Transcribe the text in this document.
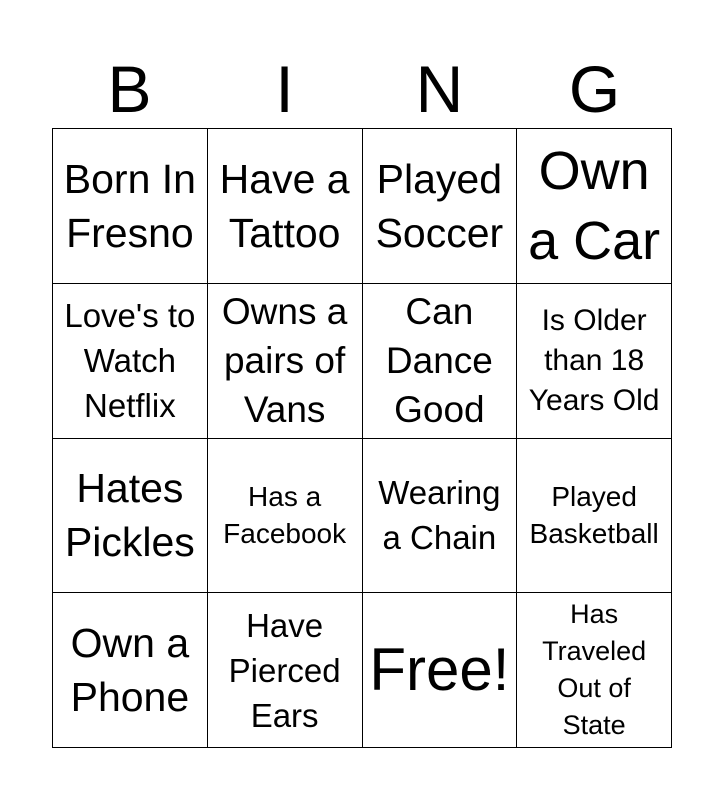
B	I	N	G
Born In
Fresno
Have a
Tattoo
Played
Soccer
Own
a Car
Love's to
Watch
Netflix
Owns a
pairs of
Vans
Can
Dance
Good
Is Older
than 18
Years Old
Hates
Pickles
Has a
Facebook
Wearing
a Chain
Played
Basketball
Own a
Phone
Have
Pierced
Ears
Free!
Has
Traveled
Out of
State
